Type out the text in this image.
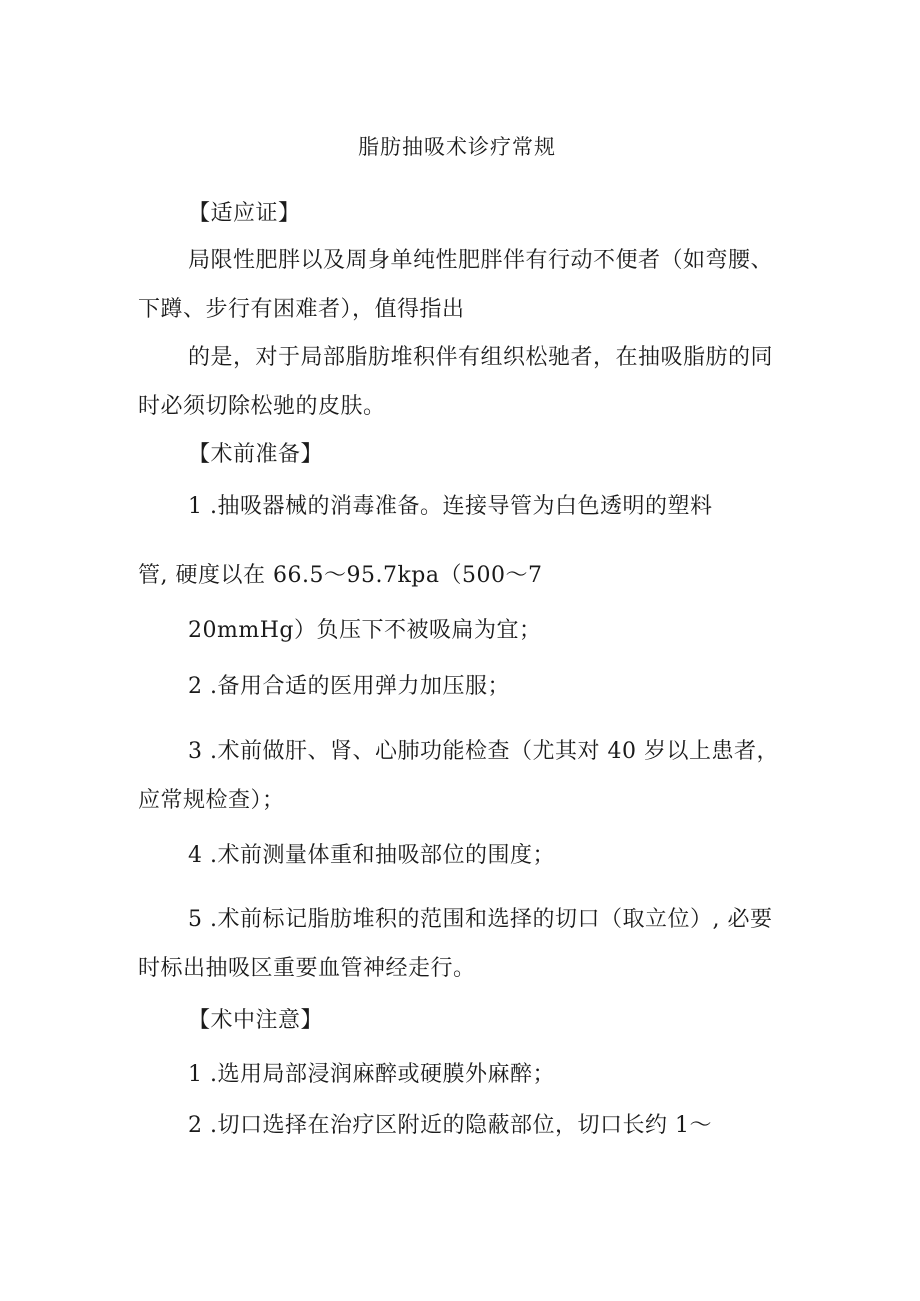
脂肪抽吸术诊疗常规
【适应证】
局限性肥胖以及周身单纯性肥胖伴有行动不便者（如弯腰、
下蹲、步行有困难者），值得指出
的是，对于局部脂肪堆积伴有组织松驰者，在抽吸脂肪的同
时必须切除松驰的皮肤。
【术前准备】
1 .抽吸器械的消毒准备。连接导管为白色透明的塑料
管, 硬度以在 66.5～95.7kpa（500～7
20mmHg）负压下不被吸扁为宜；
2 .备用合适的医用弹力加压服；
3 .术前做肝、肾、心肺功能检查（尤其对 40 岁以上患者，
应常规检查）；
4 .术前测量体重和抽吸部位的围度；
5 .术前标记脂肪堆积的范围和选择的切口（取立位）, 必要
时标出抽吸区重要血管神经走行。
【术中注意】
1 .选用局部浸润麻醉或硬膜外麻醉；
2 .切口选择在治疗区附近的隐蔽部位，切口长约 1～
